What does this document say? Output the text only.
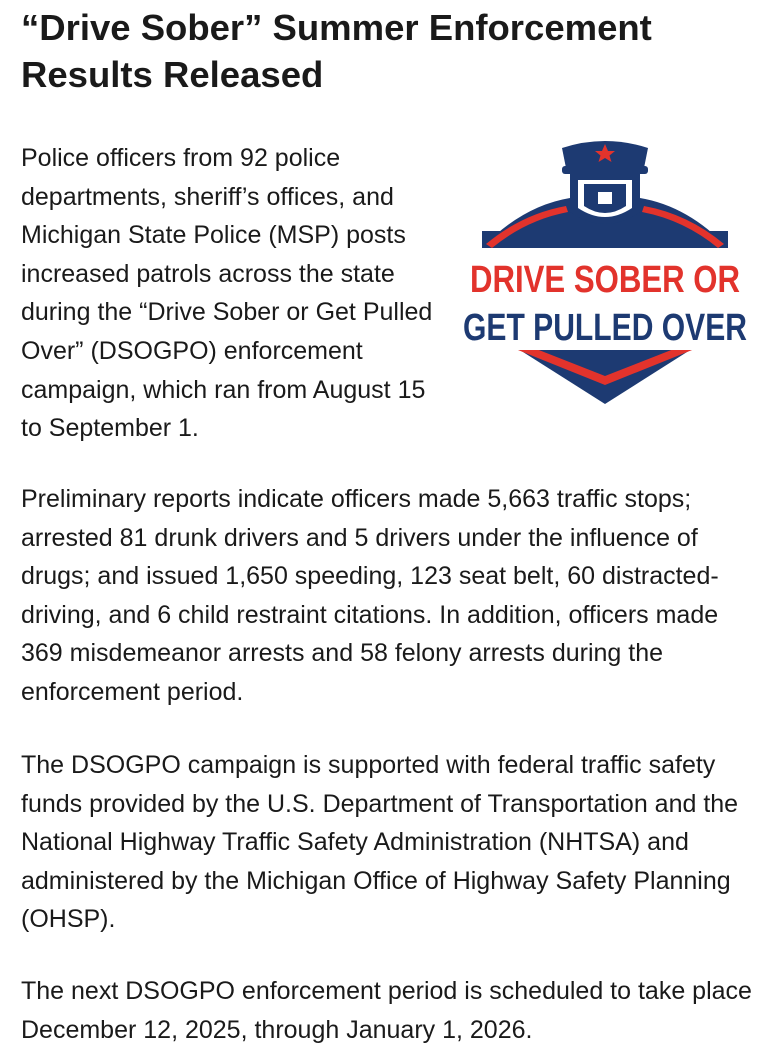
“Drive Sober” Summer Enforcement Results Released

Police officers from 92 police departments, sheriff’s offices, and Michigan State Police (MSP) posts increased patrols across the state during the “Drive Sober or Get Pulled Over” (DSOGPO) enforcement campaign, which ran from August 15 to September 1.

DRIVE SOBER OR
GET PULLED OVER

Preliminary reports indicate officers made 5,663 traffic stops; arrested 81 drunk drivers and 5 drivers under the influence of drugs; and issued 1,650 speeding, 123 seat belt, 60 distracted-driving, and 6 child restraint citations. In addition, officers made 369 misdemeanor arrests and 58 felony arrests during the enforcement period.

The DSOGPO campaign is supported with federal traffic safety funds provided by the U.S. Department of Transportation and the National Highway Traffic Safety Administration (NHTSA) and administered by the Michigan Office of Highway Safety Planning (OHSP).

The next DSOGPO enforcement period is scheduled to take place December 12, 2025, through January 1, 2026.
